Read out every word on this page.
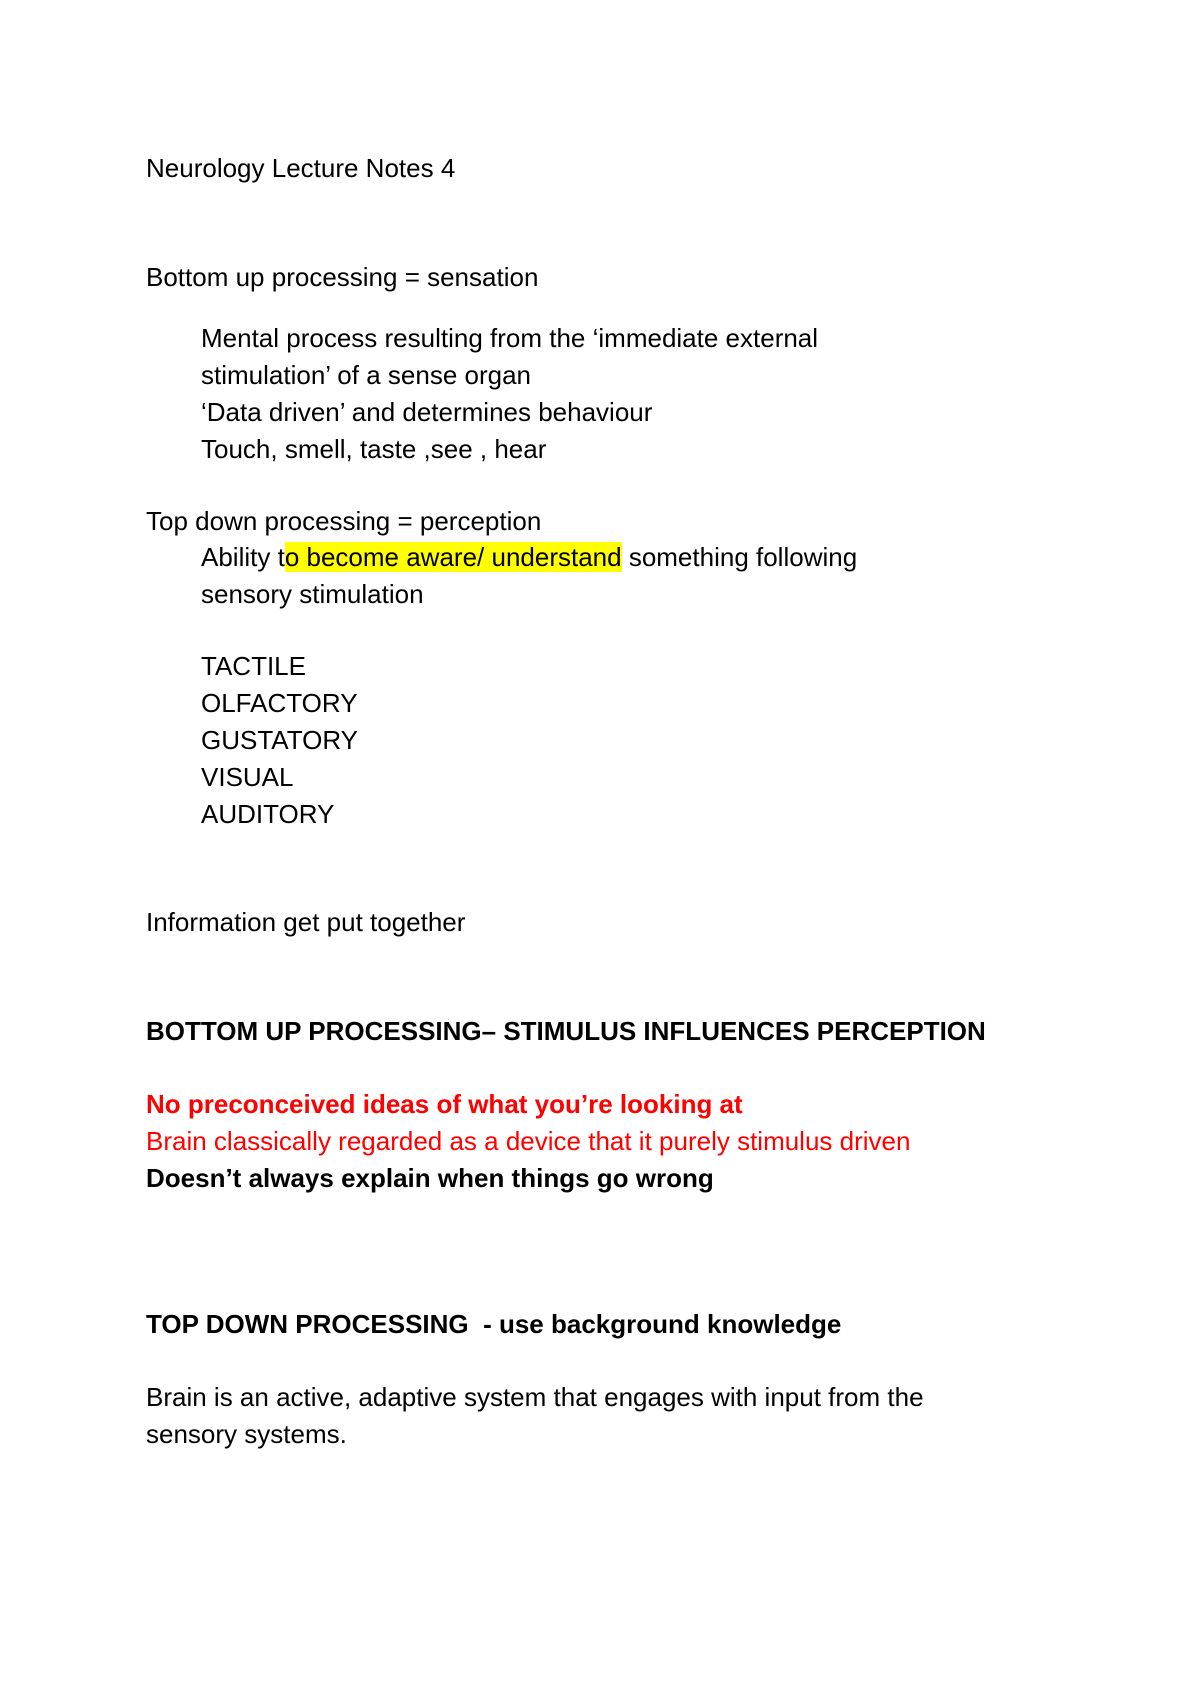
Neurology Lecture Notes 4

Bottom up processing = sensation

Mental process resulting from the ‘immediate external

stimulation’ of a sense organ

‘Data driven’ and determines behaviour

Touch, smell, taste ,see , hear

Top down processing = perception

Ability to become aware/ understand something following

sensory stimulation

TACTILE

OLFACTORY

GUSTATORY

VISUAL

AUDITORY

Information get put together

BOTTOM UP PROCESSING– STIMULUS INFLUENCES PERCEPTION

No preconceived ideas of what you’re looking at

Brain classically regarded as a device that it purely stimulus driven

Doesn’t always explain when things go wrong

TOP DOWN PROCESSING  - use background knowledge

Brain is an active, adaptive system that engages with input from the

sensory systems.
